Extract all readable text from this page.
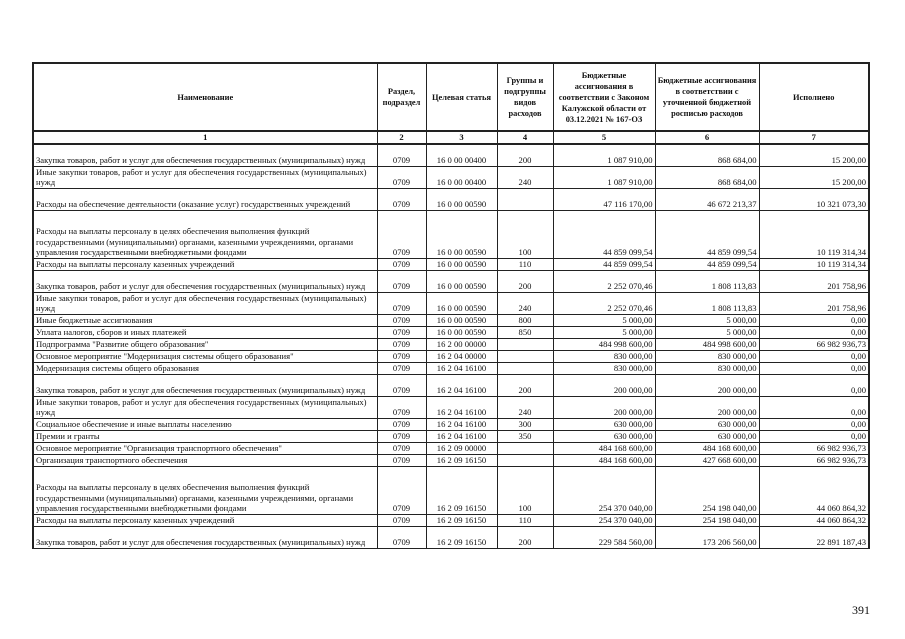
Наименование	Раздел, подраздел	Целевая статья	Группы и подгруппы видов расходов	Бюджетные ассигнования в соответствии с Законом Калужской области от 03.12.2021 № 167-ОЗ	Бюджетные ассигнования в соответствии с уточненной бюджетной росписью расходов	Исполнено
1	2	3	4	5	6	7
Закупка товаров, работ и услуг для обеспечения государственных (муниципальных) нужд	0709	16 0 00 00400	200	1 087 910,00	868 684,00	15 200,00
Иные закупки товаров, работ и услуг для обеспечения государственных (муниципальных) нужд	0709	16 0 00 00400	240	1 087 910,00	868 684,00	15 200,00
Расходы на обеспечение деятельности (оказание услуг) государственных учреждений	0709	16 0 00 00590		47 116 170,00	46 672 213,37	10 321 073,30
Расходы на выплаты персоналу в целях обеспечения выполнения функций государственными (муниципальными) органами, казенными учреждениями, органами управления государственными внебюджетными фондами	0709	16 0 00 00590	100	44 859 099,54	44 859 099,54	10 119 314,34
Расходы на выплаты персоналу казенных учреждений	0709	16 0 00 00590	110	44 859 099,54	44 859 099,54	10 119 314,34
Закупка товаров, работ и услуг для обеспечения государственных (муниципальных) нужд	0709	16 0 00 00590	200	2 252 070,46	1 808 113,83	201 758,96
Иные закупки товаров, работ и услуг для обеспечения государственных (муниципальных) нужд	0709	16 0 00 00590	240	2 252 070,46	1 808 113,83	201 758,96
Иные бюджетные ассигнования	0709	16 0 00 00590	800	5 000,00	5 000,00	0,00
Уплата налогов, сборов и иных платежей	0709	16 0 00 00590	850	5 000,00	5 000,00	0,00
Подпрограмма "Развитие общего образования"	0709	16 2 00 00000		484 998 600,00	484 998 600,00	66 982 936,73
Основное мероприятие "Модернизация системы общего образования"	0709	16 2 04 00000		830 000,00	830 000,00	0,00
Модернизация системы общего образования	0709	16 2 04 16100		830 000,00	830 000,00	0,00
Закупка товаров, работ и услуг для обеспечения государственных (муниципальных) нужд	0709	16 2 04 16100	200	200 000,00	200 000,00	0,00
Иные закупки товаров, работ и услуг для обеспечения государственных (муниципальных) нужд	0709	16 2 04 16100	240	200 000,00	200 000,00	0,00
Социальное обеспечение и иные выплаты населению	0709	16 2 04 16100	300	630 000,00	630 000,00	0,00
Премии и гранты	0709	16 2 04 16100	350	630 000,00	630 000,00	0,00
Основное мероприятие "Организация транспортного обеспечения"	0709	16 2 09 00000		484 168 600,00	484 168 600,00	66 982 936,73
Организация транспортного обеспечения	0709	16 2 09 16150		484 168 600,00	427 668 600,00	66 982 936,73
Расходы на выплаты персоналу в целях обеспечения выполнения функций государственными (муниципальными) органами, казенными учреждениями, органами управления государственными внебюджетными фондами	0709	16 2 09 16150	100	254 370 040,00	254 198 040,00	44 060 864,32
Расходы на выплаты персоналу казенных учреждений	0709	16 2 09 16150	110	254 370 040,00	254 198 040,00	44 060 864,32
Закупка товаров, работ и услуг для обеспечения государственных (муниципальных) нужд	0709	16 2 09 16150	200	229 584 560,00	173 206 560,00	22 891 187,43
391
